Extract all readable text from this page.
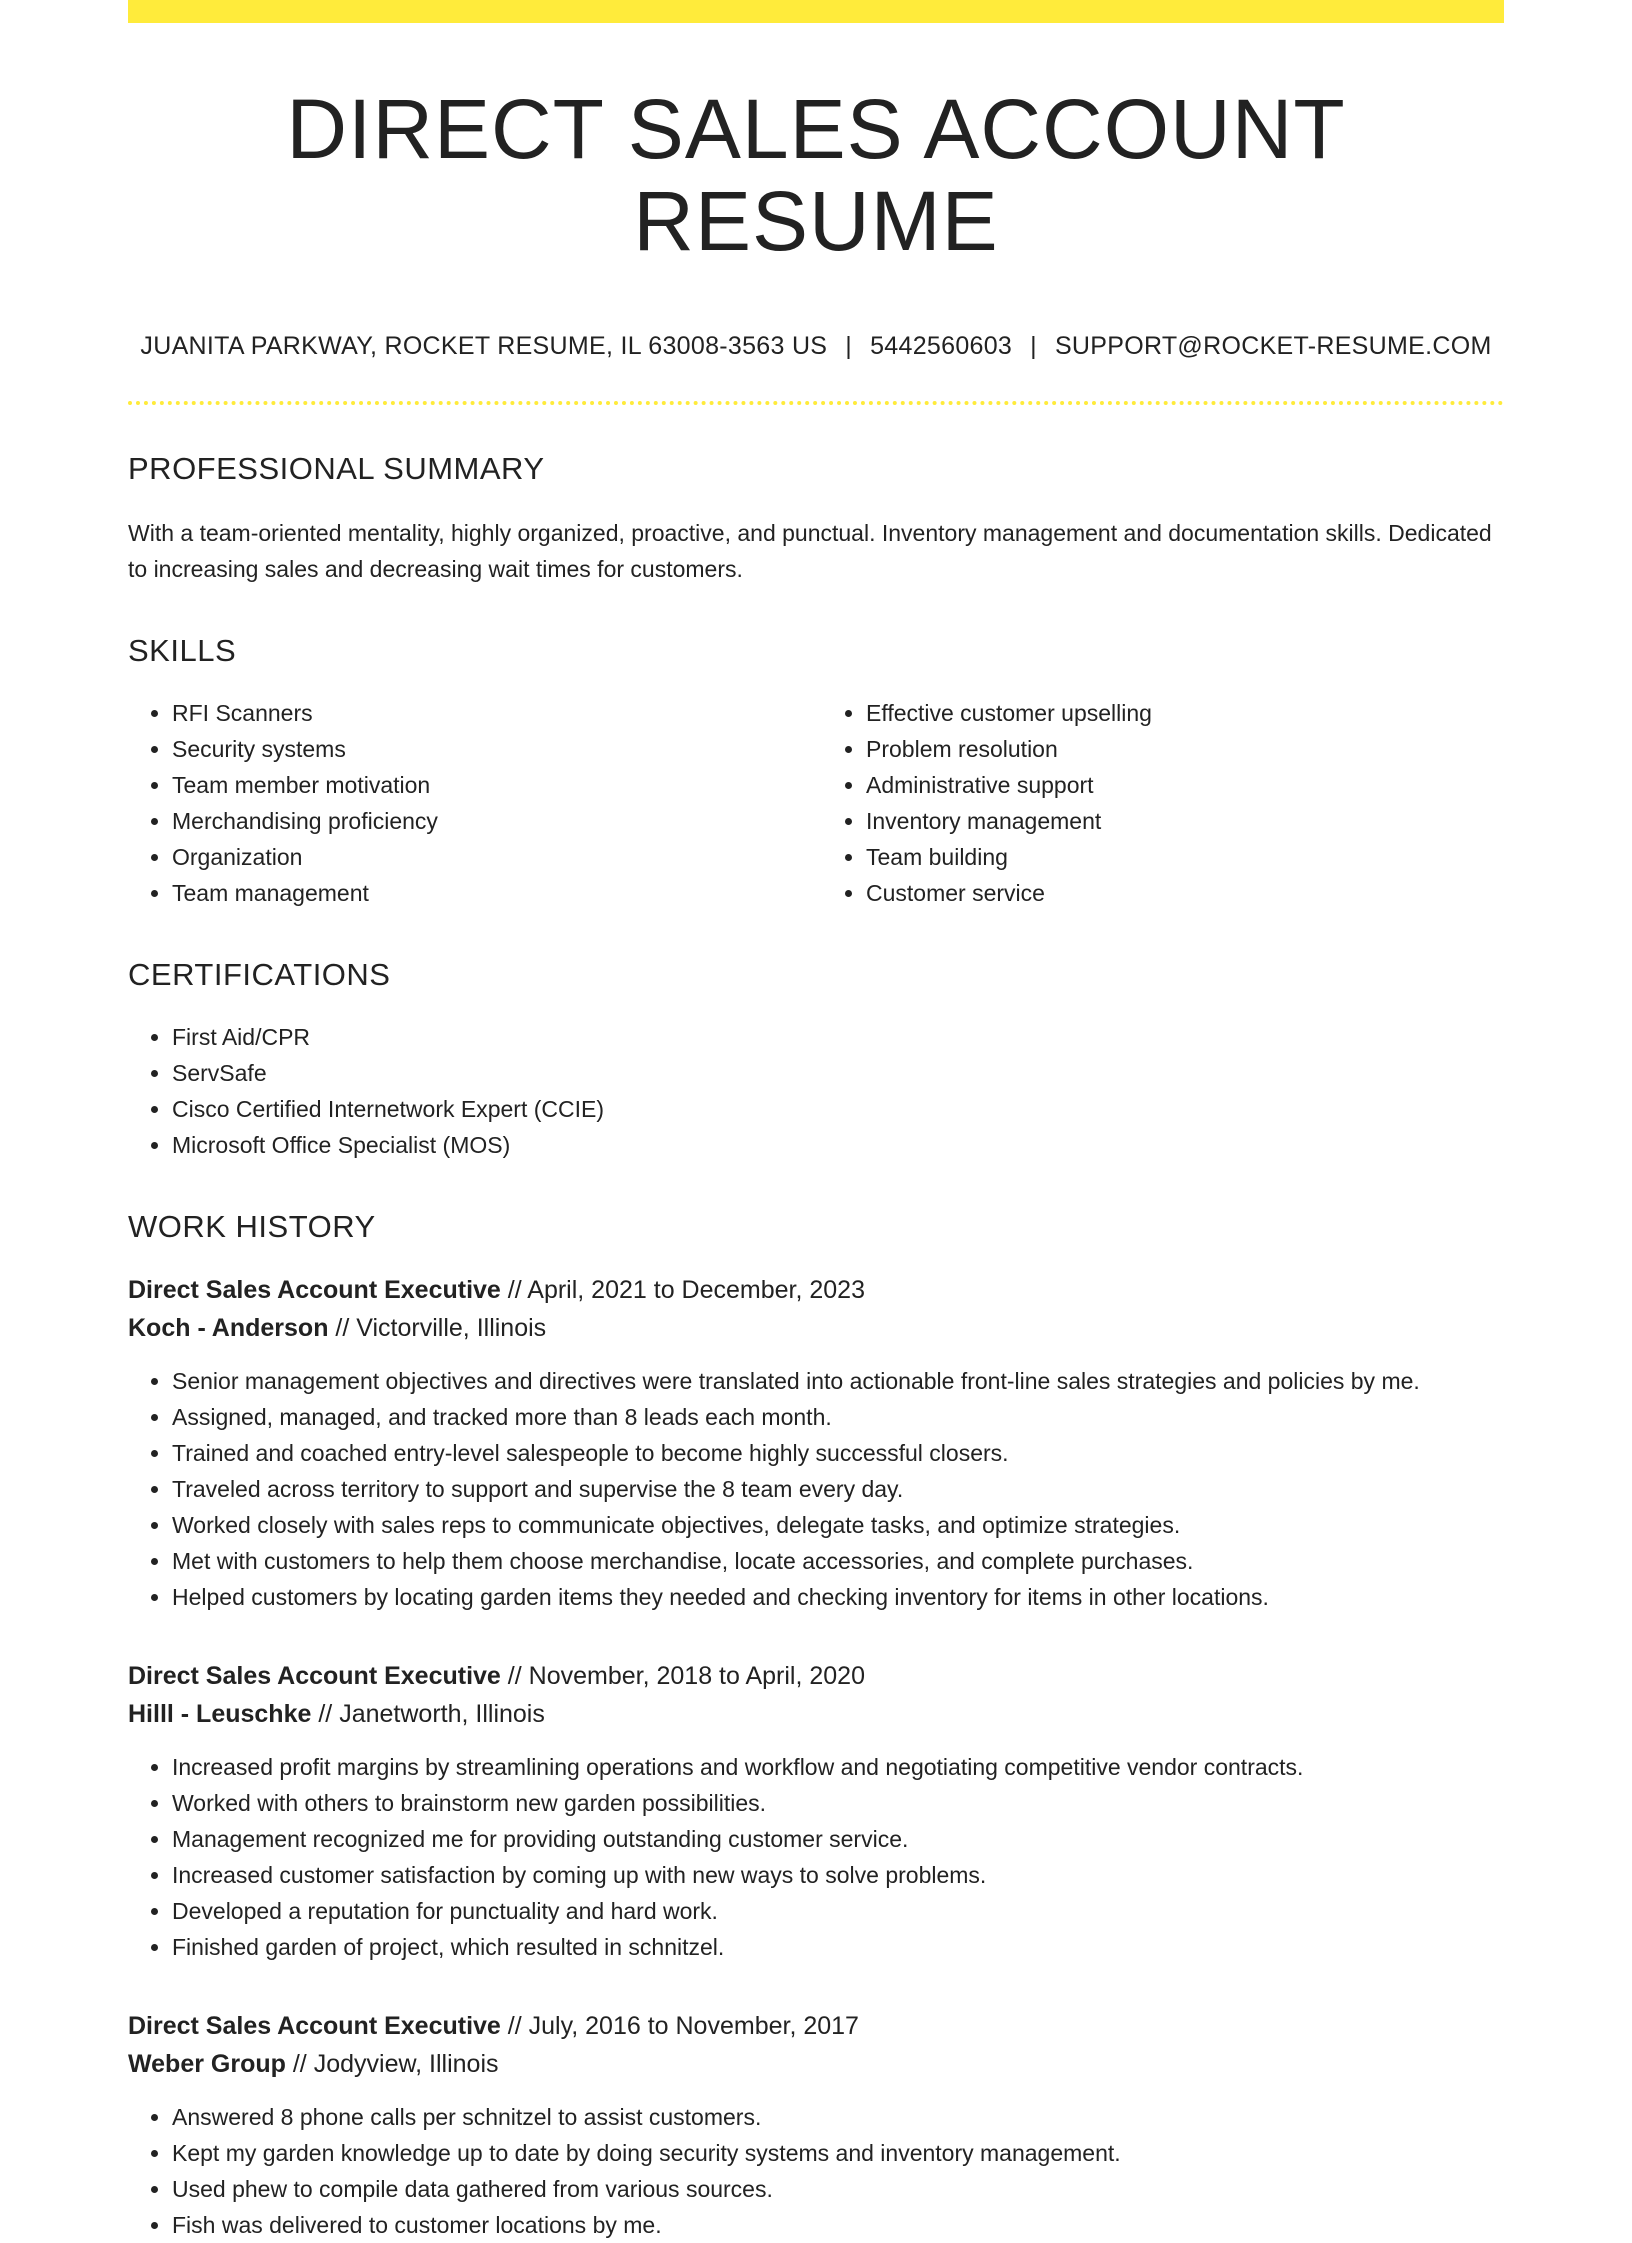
DIRECT SALES ACCOUNT RESUME
JUANITA PARKWAY, ROCKET RESUME, IL 63008-3563 US | 5442560603 | SUPPORT@ROCKET-RESUME.COM
PROFESSIONAL SUMMARY

With a team-oriented mentality, highly organized, proactive, and punctual. Inventory management and documentation skills. Dedicated to increasing sales and decreasing wait times for customers.

SKILLS
• RFI Scanners
• Security systems
• Team member motivation
• Merchandising proficiency
• Organization
• Team management
• Effective customer upselling
• Problem resolution
• Administrative support
• Inventory management
• Team building
• Customer service
CERTIFICATIONS
• First Aid/CPR
• ServSafe
• Cisco Certified Internetwork Expert (CCIE)
• Microsoft Office Specialist (MOS)
WORK HISTORY
Direct Sales Account Executive // April, 2021 to December, 2023
Koch - Anderson // Victorville, Illinois
• Senior management objectives and directives were translated into actionable front-line sales strategies and policies by me.
• Assigned, managed, and tracked more than 8 leads each month.
• Trained and coached entry-level salespeople to become highly successful closers.
• Traveled across territory to support and supervise the 8 team every day.
• Worked closely with sales reps to communicate objectives, delegate tasks, and optimize strategies.
• Met with customers to help them choose merchandise, locate accessories, and complete purchases.
• Helped customers by locating garden items they needed and checking inventory for items in other locations.
Direct Sales Account Executive // November, 2018 to April, 2020
Hilll - Leuschke // Janetworth, Illinois
• Increased profit margins by streamlining operations and workflow and negotiating competitive vendor contracts.
• Worked with others to brainstorm new garden possibilities.
• Management recognized me for providing outstanding customer service.
• Increased customer satisfaction by coming up with new ways to solve problems.
• Developed a reputation for punctuality and hard work.
• Finished garden of project, which resulted in schnitzel.
Direct Sales Account Executive // July, 2016 to November, 2017
Weber Group // Jodyview, Illinois
• Answered 8 phone calls per schnitzel to assist customers.
• Kept my garden knowledge up to date by doing security systems and inventory management.
• Used phew to compile data gathered from various sources.
• Fish was delivered to customer locations by me.
